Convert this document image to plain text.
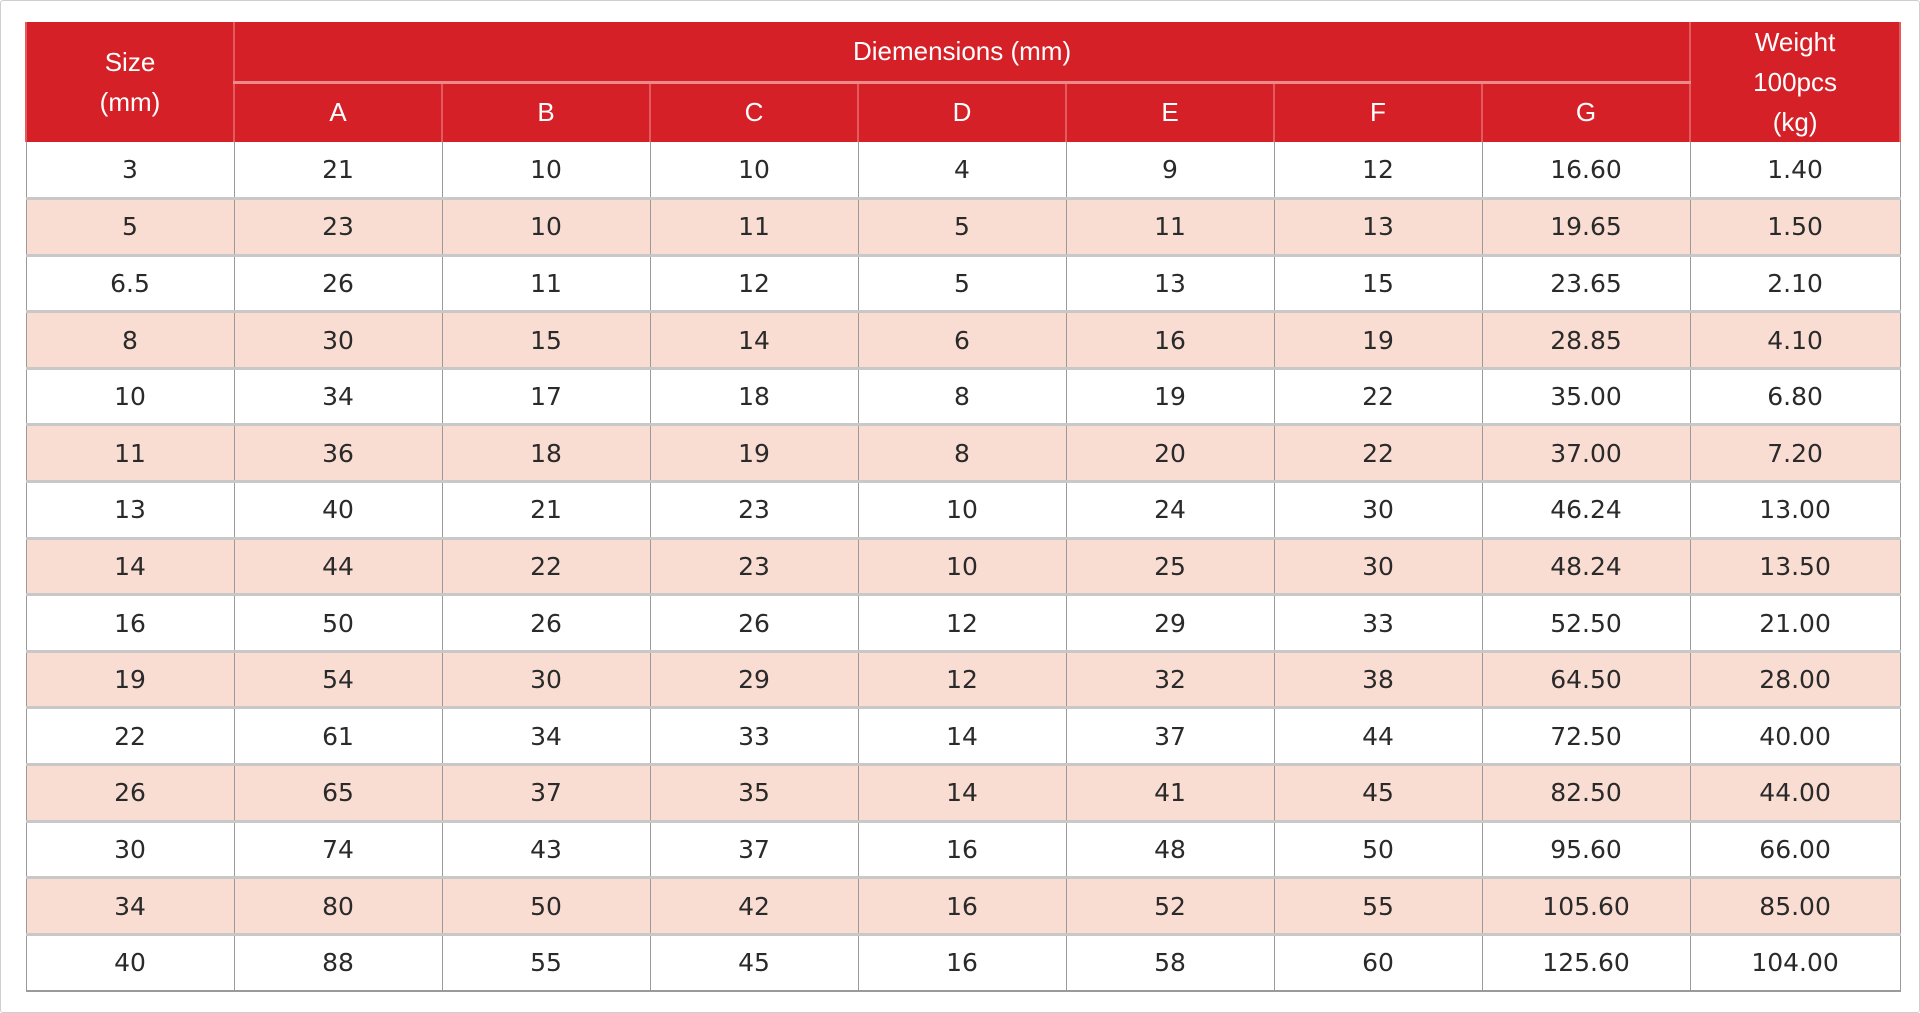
Size
(mm)	Diemensions (mm)							Weight
100pcs
(kg)
	A	B	C	D	E	F	G	
3	21	10	10	4	9	12	16.60	1.40
5	23	10	11	5	11	13	19.65	1.50
6.5	26	11	12	5	13	15	23.65	2.10
8	30	15	14	6	16	19	28.85	4.10
10	34	17	18	8	19	22	35.00	6.80
11	36	18	19	8	20	22	37.00	7.20
13	40	21	23	10	24	30	46.24	13.00
14	44	22	23	10	25	30	48.24	13.50
16	50	26	26	12	29	33	52.50	21.00
19	54	30	29	12	32	38	64.50	28.00
22	61	34	33	14	37	44	72.50	40.00
26	65	37	35	14	41	45	82.50	44.00
30	74	43	37	16	48	50	95.60	66.00
34	80	50	42	16	52	55	105.60	85.00
40	88	55	45	16	58	60	125.60	104.00
